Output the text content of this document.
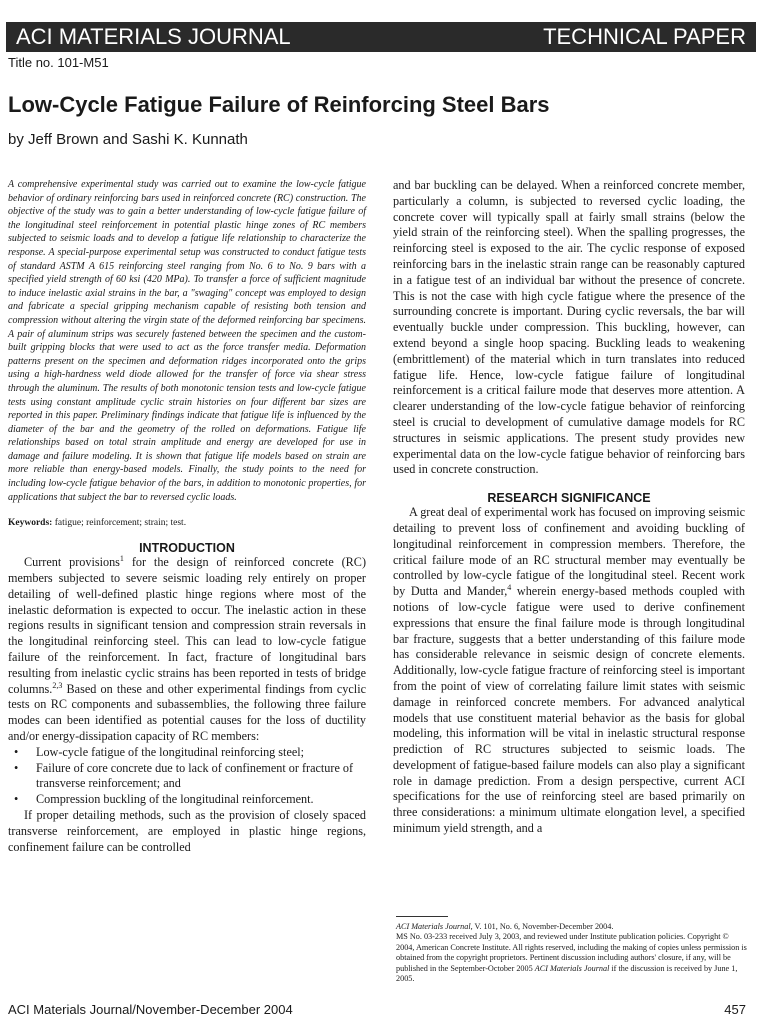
ACI MATERIALS JOURNAL	TECHNICAL PAPER
Title no. 101-M51
Low-Cycle Fatigue Failure of Reinforcing Steel Bars
by Jeff Brown and Sashi K. Kunnath

A comprehensive experimental study was carried out to examine the low-cycle fatigue behavior of ordinary reinforcing bars used in reinforced concrete (RC) construction. The objective of the study was to gain a better understanding of low-cycle fatigue failure of the longitudinal steel reinforcement in potential plastic hinge zones of RC members subjected to seismic loads and to develop a fatigue life relationship to characterize the response. A special-purpose experimental setup was constructed to conduct fatigue tests of standard ASTM A 615 reinforcing steel ranging from No. 6 to No. 9 bars with a specified yield strength of 60 ksi (420 MPa). To transfer a force of sufficient magnitude to induce inelastic axial strains in the bar, a "swaging" concept was employed to design and fabricate a special gripping mechanism capable of resisting both tension and compression without altering the virgin state of the deformed reinforcing bar specimens. A pair of aluminum strips was securely fastened between the specimen and the custom-built gripping blocks that were used to act as the force transfer media. Deformation patterns present on the specimen and deformation ridges incorporated onto the grips using a high-hardness weld diode allowed for the transfer of force via shear stress through the aluminum. The results of both monotonic tension tests and low-cycle fatigue tests using constant amplitude cyclic strain histories on four different bar sizes are reported in this paper. Preliminary findings indicate that fatigue life is influenced by the diameter of the bar and the geometry of the rolled on deformations. Fatigue life relationships based on total strain amplitude and energy are developed for use in damage and failure modeling. It is shown that fatigue life models based on strain are more reliable than energy-based models. Finally, the study points to the need for including low-cycle fatigue behavior of the bars, in addition to monotonic properties, for applications that subject the bar to reversed cyclic loads.

Keywords: fatigue; reinforcement; strain; test.

INTRODUCTION

Current provisions$^1$ for the design of reinforced concrete (RC) members subjected to severe seismic loading rely entirely on proper detailing of well-defined plastic hinge regions where most of the inelastic deformation is expected to occur. The inelastic action in these regions results in significant tension and compression strain reversals in the longitudinal reinforcing steel. This can lead to low-cycle fatigue failure of the reinforcement. In fact, fracture of longitudinal bars resulting from inelastic cyclic strains has been reported in tests of bridge columns.$^{2,3}$ Based on these and other experimental findings from cyclic tests on RC components and subassemblies, the following three failure modes can been identified as potential causes for the loss of ductility and/or energy-dissipation capacity of RC members:

• Low-cycle fatigue of the longitudinal reinforcing steel;
• Failure of core concrete due to lack of confinement or fracture of transverse reinforcement; and
• Compression buckling of the longitudinal reinforcement.

If proper detailing methods, such as the provision of closely spaced transverse reinforcement, are employed in plastic hinge regions, confinement failure can be controlled

and bar buckling can be delayed. When a reinforced concrete member, particularly a column, is subjected to reversed cyclic loading, the concrete cover will typically spall at fairly small strains (below the yield strain of the reinforcing steel). When the spalling progresses, the reinforcing steel is exposed to the air. The cyclic response of exposed reinforcing bars in the inelastic strain range can be reasonably captured in a fatigue test of an individual bar without the presence of concrete. This is not the case with high cycle fatigue where the presence of the surrounding concrete is important. During cyclic reversals, the bar will eventually buckle under compression. This buckling, however, can extend beyond a single hoop spacing. Buckling leads to weakening (embrittlement) of the material which in turn translates into reduced fatigue life. Hence, low-cycle fatigue failure of longitudinal reinforcement is a critical failure mode that deserves more attention. A clearer understanding of the low-cycle fatigue behavior of reinforcing steel is crucial to development of cumulative damage models for RC structures in seismic applications. The present study provides new experimental data on the low-cycle fatigue behavior of reinforcing bars used in concrete construction.

RESEARCH SIGNIFICANCE

A great deal of experimental work has focused on improving seismic detailing to prevent loss of confinement and avoiding buckling of longitudinal reinforcement in compression members. Therefore, the critical failure mode of an RC structural member may eventually be controlled by low-cycle fatigue of the longitudinal steel. Recent work by Dutta and Mander,$^4$ wherein energy-based methods coupled with notions of low-cycle fatigue were used to derive confinement expressions that ensure the final failure mode is through longitudinal bar fracture, suggests that a better understanding of this failure mode has considerable relevance in seismic design of concrete elements. Additionally, low-cycle fatigue fracture of reinforcing steel is important from the point of view of correlating failure limit states with seismic damage in reinforced concrete members. For advanced analytical models that use constituent material behavior as the basis for global modeling, this information will be vital in inelastic structural response prediction of RC structures subjected to seismic loads. The development of fatigue-based failure models can also play a significant role in damage prediction. From a design perspective, current ACI specifications for the use of reinforcing steel are based primarily on three considerations: a minimum ultimate elongation level, a specified minimum yield strength, and a

ACI Materials Journal, V. 101, No. 6, November-December 2004.
MS No. 03-233 received July 3, 2003, and reviewed under Institute publication policies. Copyright © 2004, American Concrete Institute. All rights reserved, including the making of copies unless permission is obtained from the copyright proprietors. Pertinent discussion including authors' closure, if any, will be published in the September-October 2005 ACI Materials Journal if the discussion is received by June 1, 2005.

ACI Materials Journal/November-December 2004	457
